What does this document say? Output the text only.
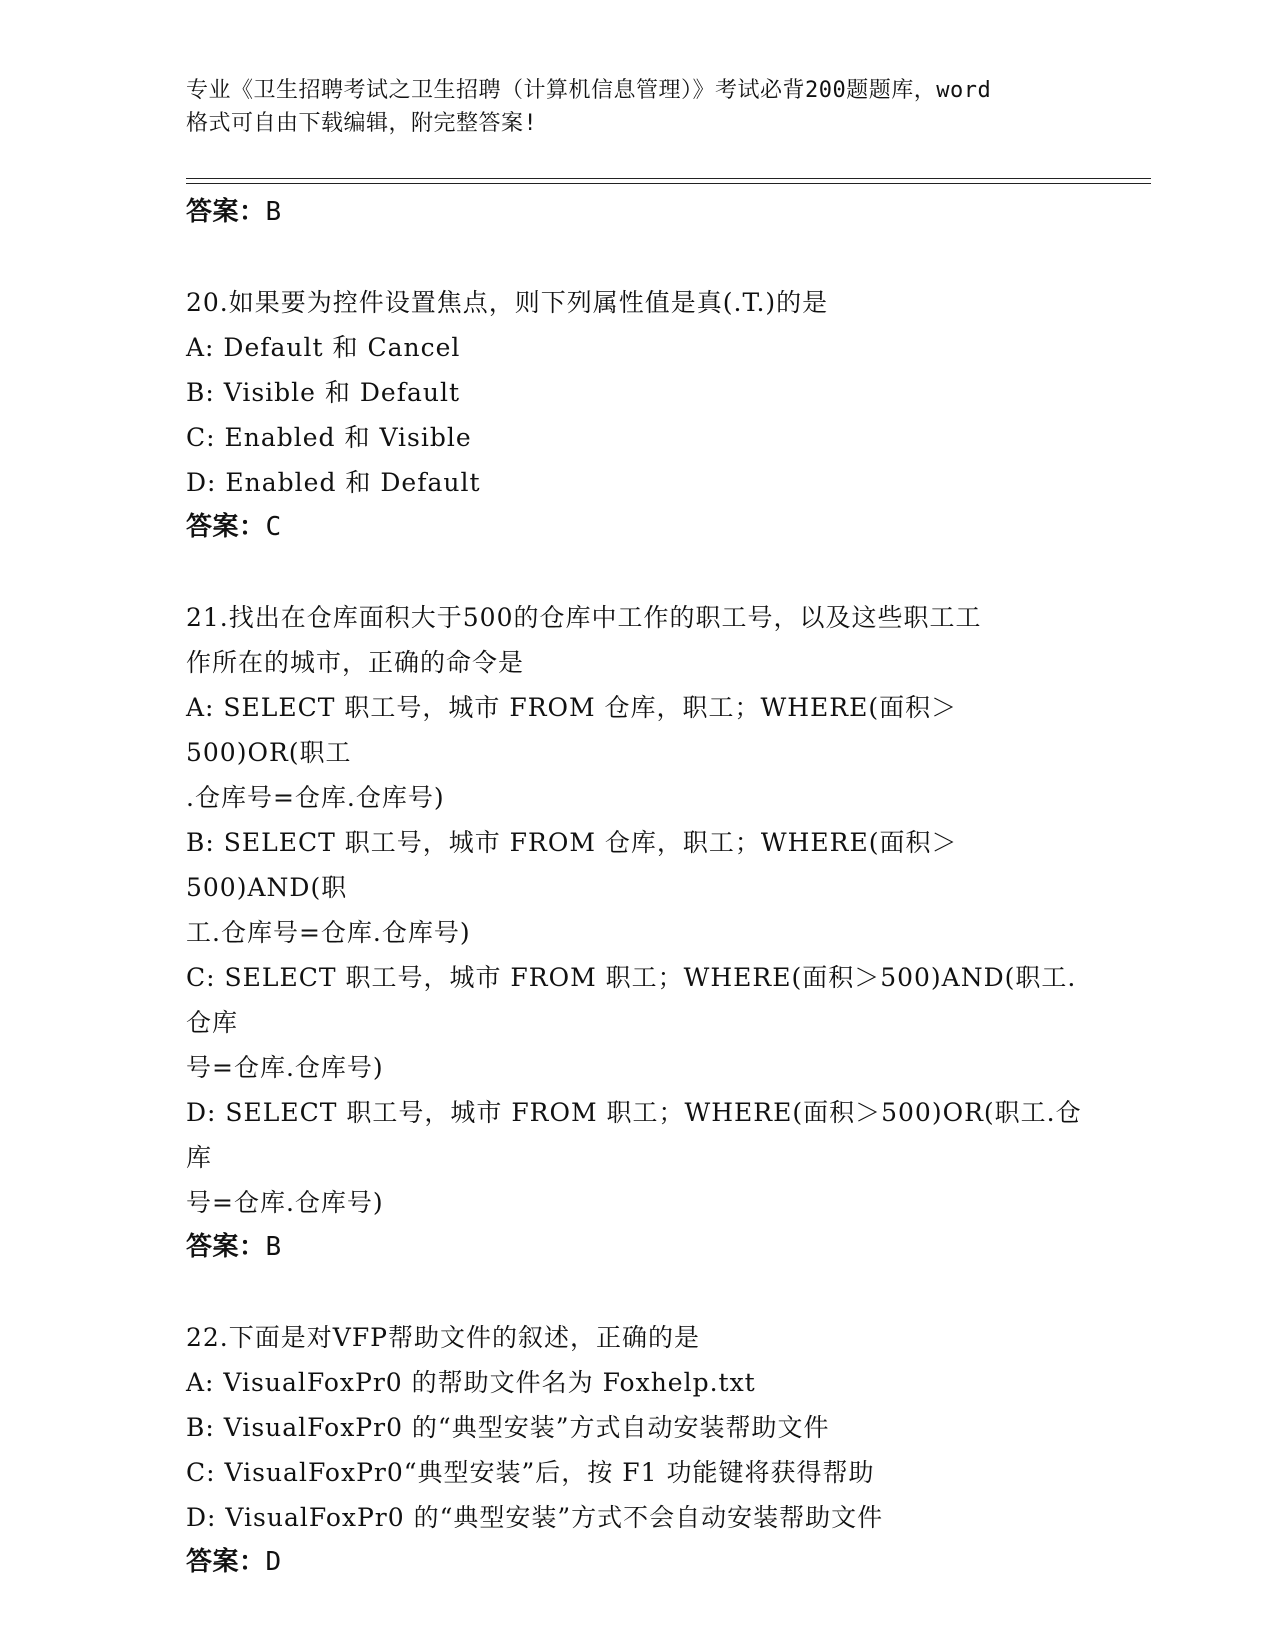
专业《卫生招聘考试之卫生招聘（计算机信息管理）》考试必背200题题库，word
格式可自由下载编辑，附完整答案!
答案：B
20.如果要为控件设置焦点，则下列属性值是真(.T.)的是
A: Default 和 Cancel
B: Visible 和 Default
C: Enabled 和 Visible
D: Enabled 和 Default
答案：C
21.找出在仓库面积大于500的仓库中工作的职工号，以及这些职工工
作所在的城市，正确的命令是
A: SELECT 职工号，城市 FROM 仓库，职工；WHERE(面积＞500)OR(职工
.仓库号=仓库.仓库号)
B: SELECT 职工号，城市 FROM 仓库，职工；WHERE(面积＞500)AND(职
工.仓库号=仓库.仓库号)
C: SELECT 职工号，城市 FROM 职工；WHERE(面积＞500)AND(职工.仓库
号=仓库.仓库号)
D: SELECT 职工号，城市 FROM 职工；WHERE(面积＞500)OR(职工.仓库
号=仓库.仓库号)
答案：B
22.下面是对VFP帮助文件的叙述，正确的是
A: VisualFoxPr0 的帮助文件名为 Foxhelp.txt
B: VisualFoxPr0 的“典型安装”方式自动安装帮助文件
C: VisualFoxPr0“典型安装”后，按 F1 功能键将获得帮助
D: VisualFoxPr0 的“典型安装”方式不会自动安装帮助文件
答案：D
